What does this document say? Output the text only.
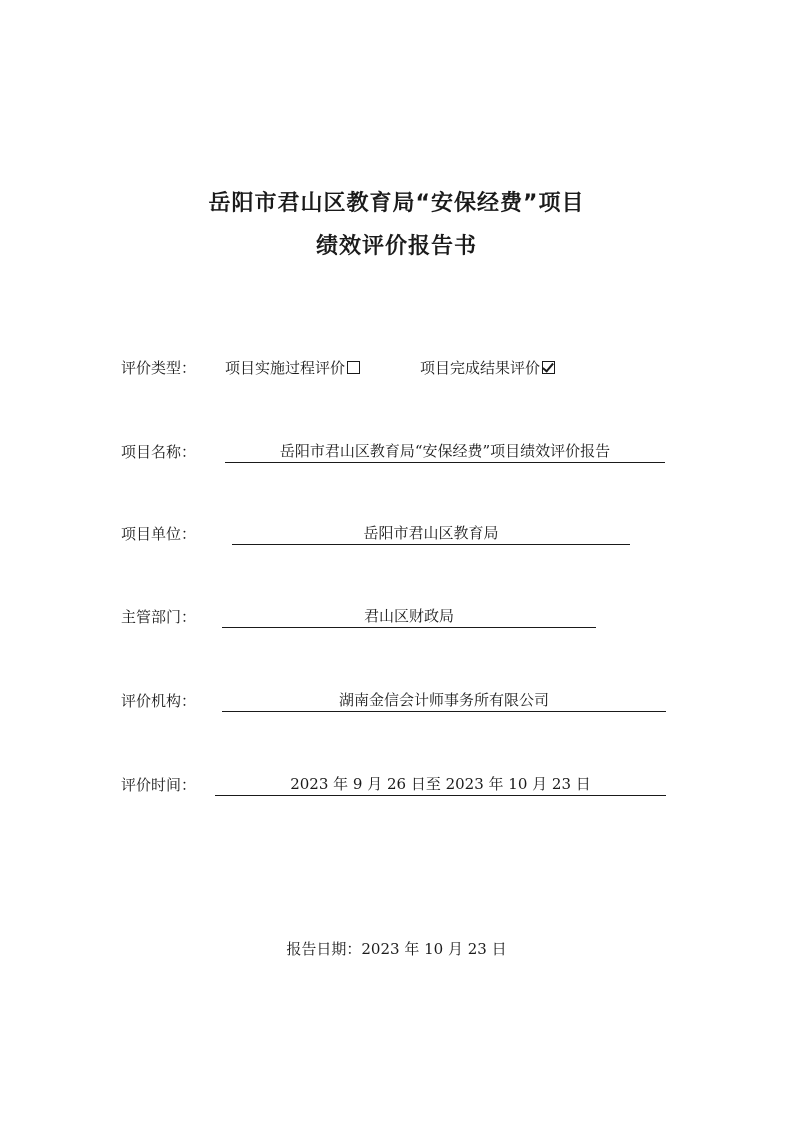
岳阳市君山区教育局“安保经费”项目
绩效评价报告书
评价类型： 项目实施过程评价	项目完成结果评价
项目名称：	岳阳市君山区教育局“安保经费”项目绩效评价报告
项目单位：	岳阳市君山区教育局
主管部门：	君山区财政局
评价机构：	湖南金信会计师事务所有限公司
评价时间：	2023 年 9 月 26 日至 2023 年 10 月 23 日
报告日期：2023 年 10 月 23 日
